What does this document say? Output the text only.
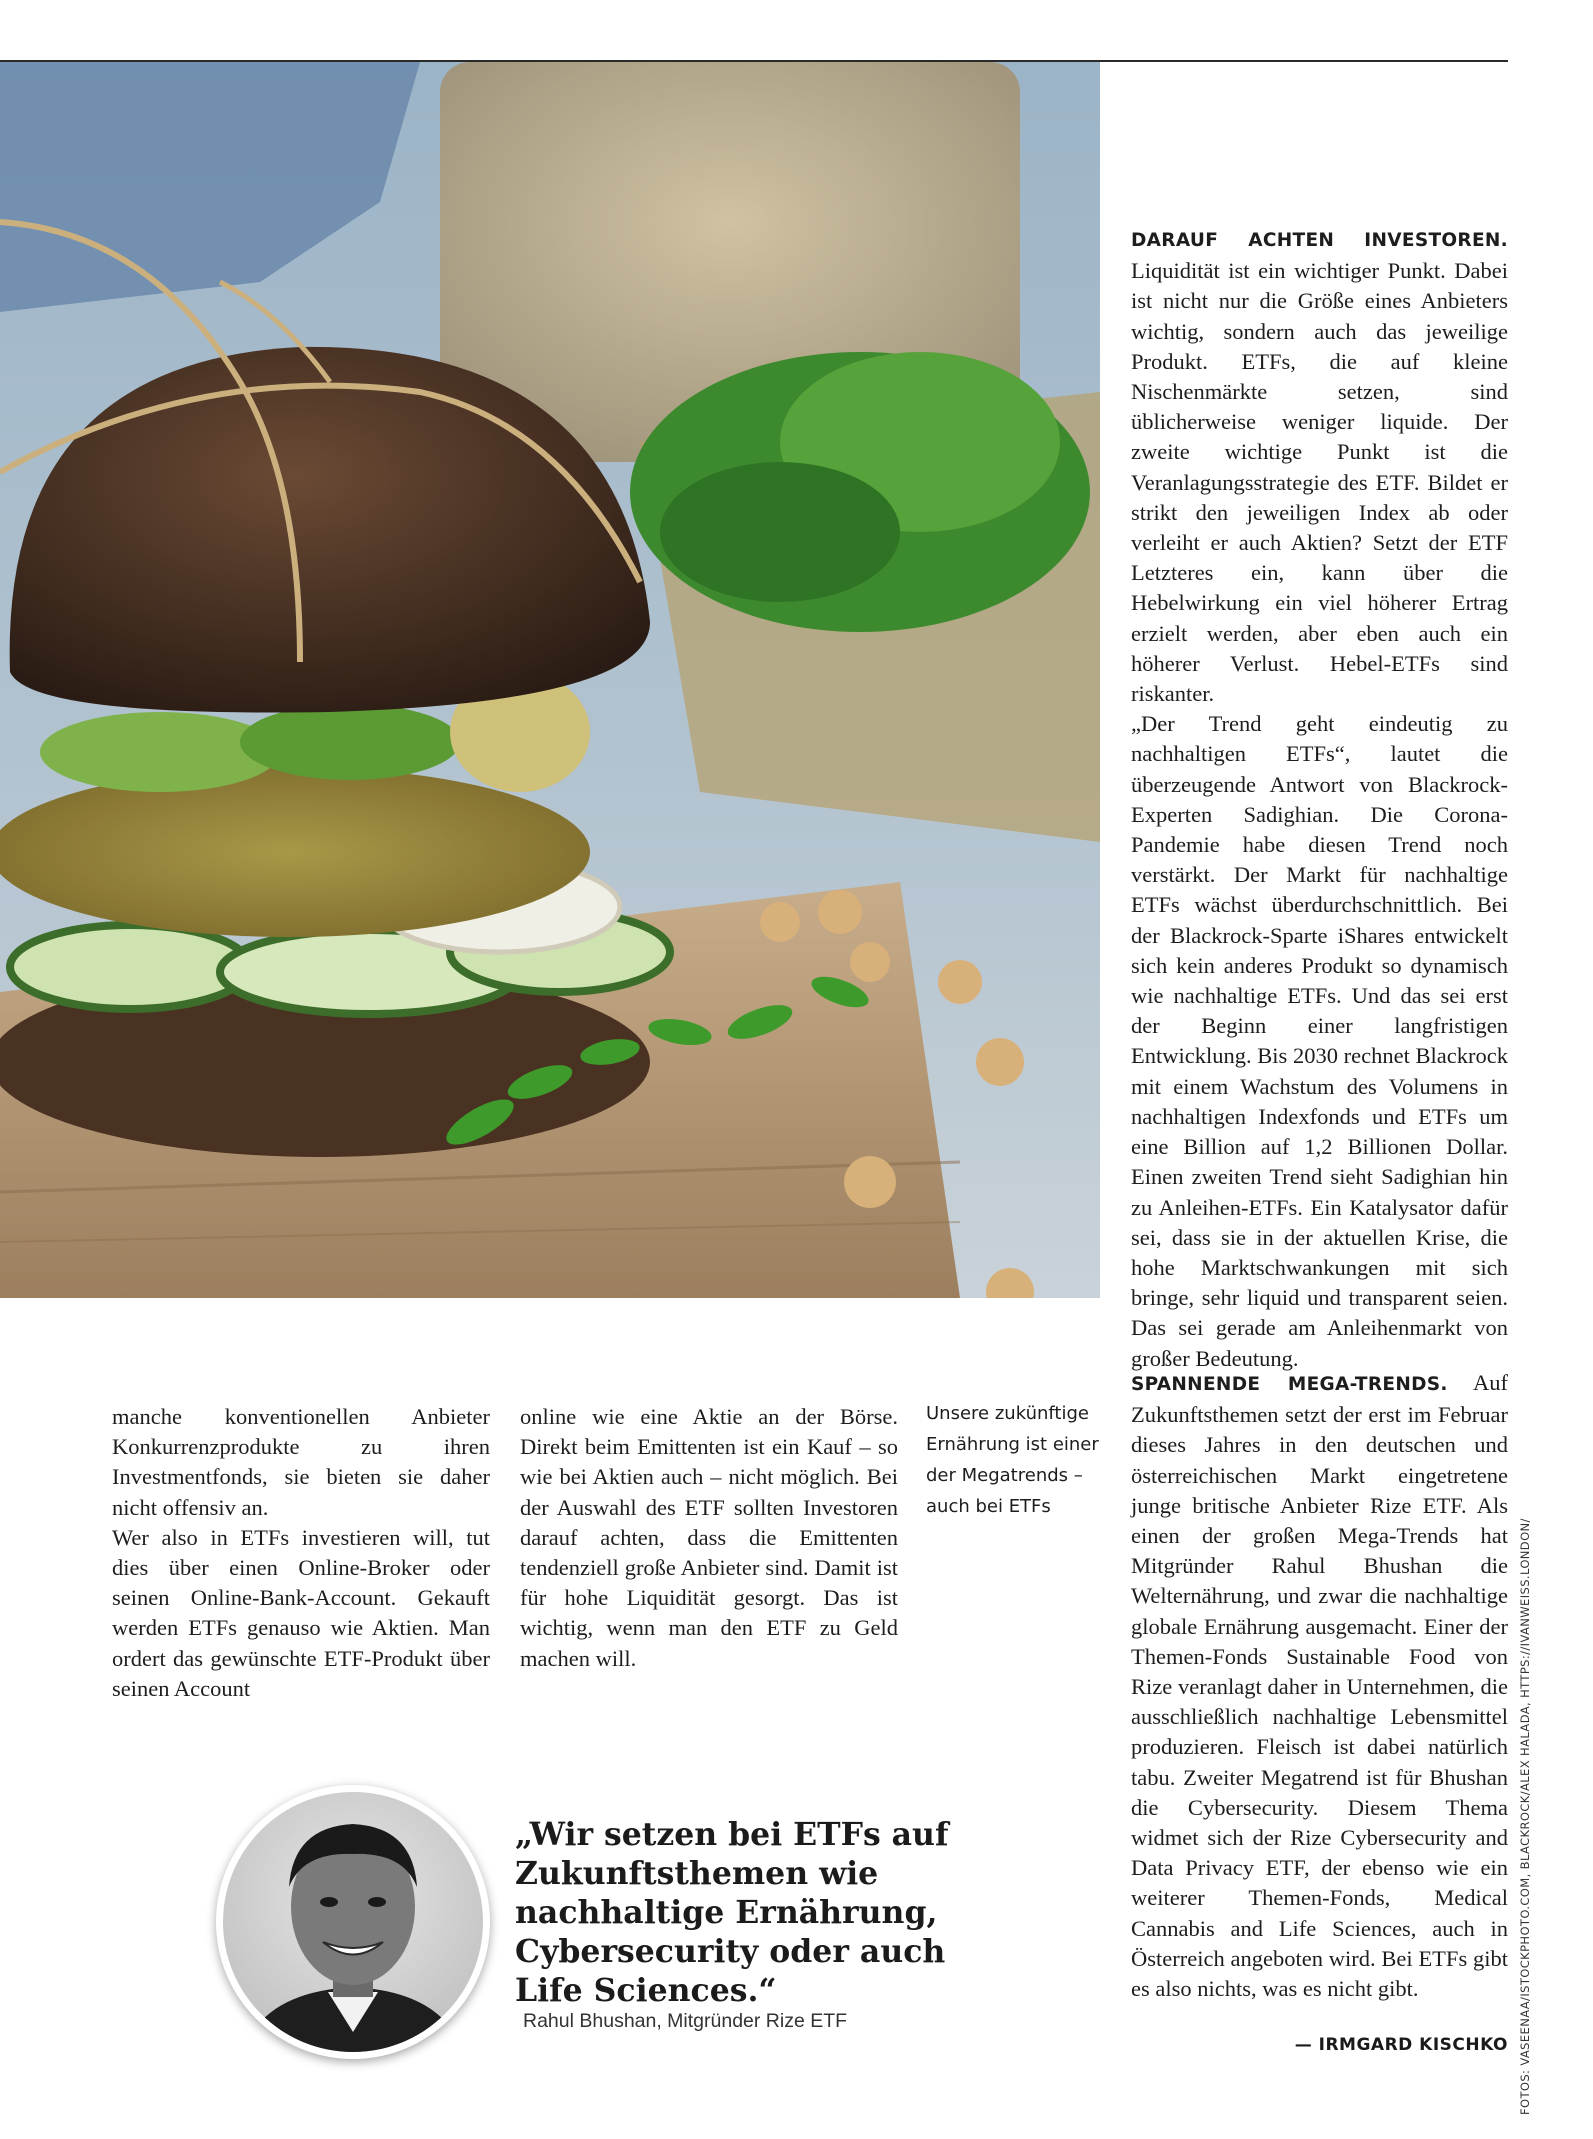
DARAUF ACHTEN INVESTOREN. Liquidität ist ein wichtiger Punkt. Dabei ist nicht nur die Größe eines Anbieters wichtig, sondern auch das jeweilige Produkt. ETFs, die auf kleine Nischenmärkte setzen, sind üblicherweise weniger liquide. Der zweite wichtige Punkt ist die Veranlagungsstrategie des ETF. Bildet er strikt den jeweiligen Index ab oder verleiht er auch Aktien? Setzt der ETF Letzteres ein, kann über die Hebelwirkung ein viel höherer Ertrag erzielt werden, aber eben auch ein höherer Verlust. Hebel-ETFs sind riskanter.

„Der Trend geht eindeutig zu nachhaltigen ETFs“, lautet die überzeugende Antwort von Blackrock-Experten Sadighian. Die Corona-Pandemie habe diesen Trend noch verstärkt. Der Markt für nachhaltige ETFs wächst überdurchschnittlich. Bei der Blackrock-Sparte iShares entwickelt sich kein anderes Produkt so dynamisch wie nachhaltige ETFs. Und das sei erst der Beginn einer langfristigen Entwicklung. Bis 2030 rechnet Blackrock mit einem Wachstum des Volumens in nachhaltigen Indexfonds und ETFs um eine Billion auf 1,2 Billionen Dollar. Einen zweiten Trend sieht Sadighian hin zu Anleihen-ETFs. Ein Katalysator dafür sei, dass sie in der aktuellen Krise, die hohe Marktschwankungen mit sich bringe, sehr liquid und transparent seien. Das sei gerade am Anleihenmarkt von großer Bedeutung.

SPANNENDE MEGA-TRENDS. Auf Zukunftsthemen setzt der erst im Februar dieses Jahres in den deutschen und österreichischen Markt eingetretene junge britische Anbieter Rize ETF. Als einen der großen Mega-Trends hat Mitgründer Rahul Bhushan die Welternährung, und zwar die nachhaltige globale Ernährung ausgemacht. Einer der Themen-Fonds Sustainable Food von Rize veranlagt daher in Unternehmen, die ausschließlich nachhaltige Lebensmittel produzieren. Fleisch ist dabei natürlich tabu. Zweiter Megatrend ist für Bhushan die Cybersecurity. Diesem Thema widmet sich der Rize Cybersecurity and Data Privacy ETF, der ebenso wie ein weiterer Themen-Fonds, Medical Cannabis and Life Sciences, auch in Österreich angeboten wird. Bei ETFs gibt es also nichts, was es nicht gibt.

— IRMGARD KISCHKO

manche konventionellen Anbieter Konkurrenzprodukte zu ihren Investmentfonds, sie bieten sie daher nicht offensiv an.

Wer also in ETFs investieren will, tut dies über einen Online-Broker oder seinen Online-Bank-Account. Gekauft werden ETFs genauso wie Aktien. Man ordert das gewünschte ETF-Produkt über seinen Account

online wie eine Aktie an der Börse. Direkt beim Emittenten ist ein Kauf – so wie bei Aktien auch – nicht möglich. Bei der Auswahl des ETF sollten Investoren darauf achten, dass die Emittenten tendenziell große Anbieter sind. Damit ist für hohe Liquidität gesorgt. Das ist wichtig, wenn man den ETF zu Geld machen will.

Unsere zukünftige Ernährung ist einer der Megatrends – auch bei ETFs
FOTOS: VASEENAA/ISTOCKPHOTO.COM, BLACKROCK/ALEX HALADA, HTTPS://IVANWEISS.LONDON/
„Wir setzen bei ETFs auf Zukunftsthemen wie nachhaltige Ernährung, Cybersecurity oder auch Life Sciences.“
Rahul Bhushan, Mitgründer Rize ETF
